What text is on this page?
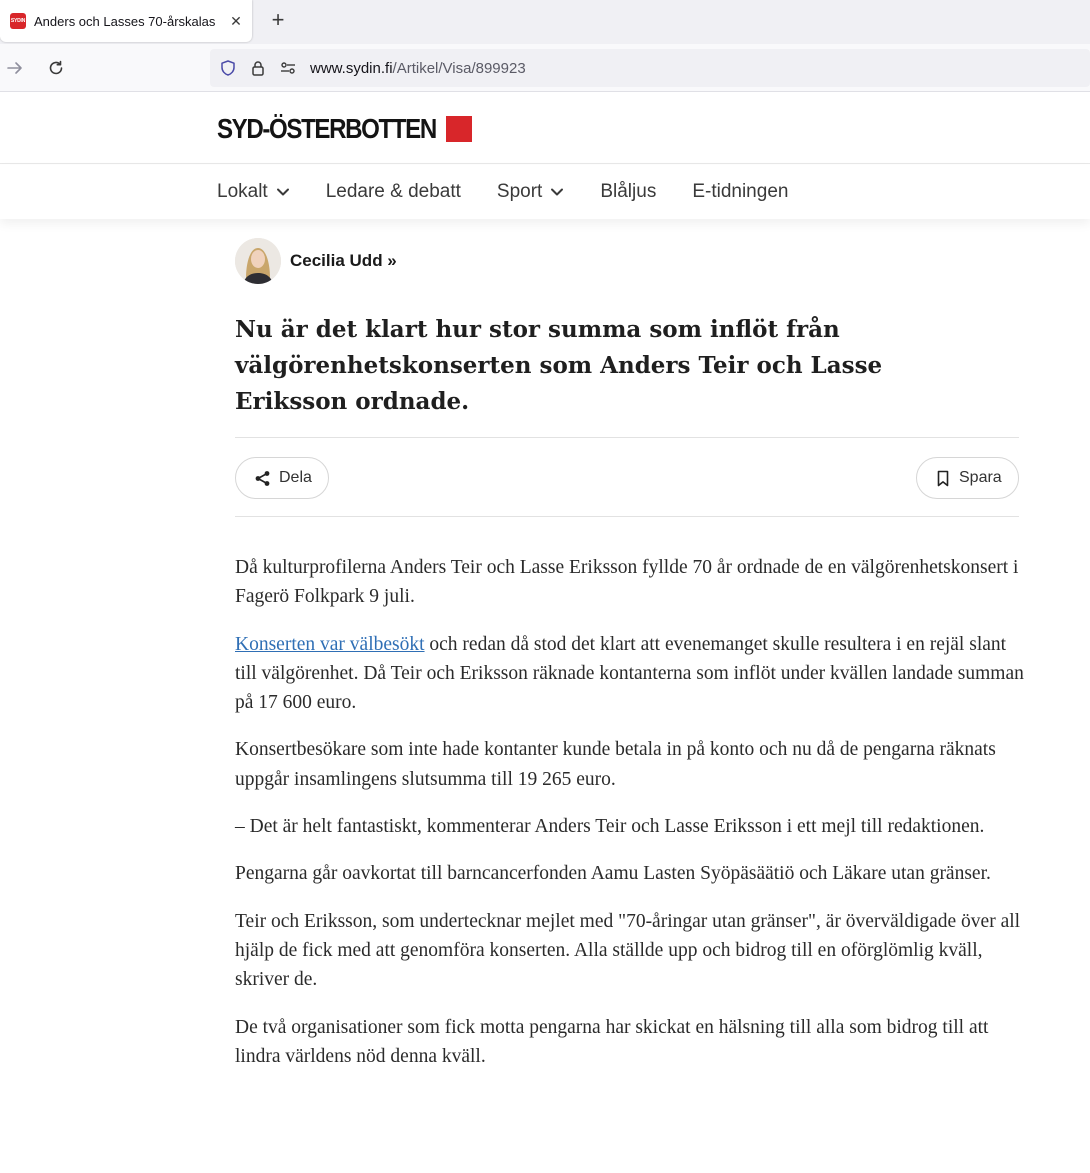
SYDIN Anders och Lasses 70-årskalas	✕ +
www.sydin.fi/Artikel/Visa/899923
SYD-ÖSTERBOTTEN
Lokalt	Ledare & debatt Sport	Blåljus E-tidningen
Cecilia Udd »
Nu är det klart hur stor summa som inflöt från välgörenhetskonserten som Anders Teir och Lasse Eriksson ordnade.
Dela	Spara

Då kulturprofilerna Anders Teir och Lasse Eriksson fyllde 70 år ordnade de en välgörenhetskonsert i Fagerö Folkpark 9 juli.

Konserten var välbesökt och redan då stod det klart att evenemanget skulle resultera i en rejäl slant till välgörenhet. Då Teir och Eriksson räknade kontanterna som inflöt under kvällen landade summan på 17 600 euro.

Konsertbesökare som inte hade kontanter kunde betala in på konto och nu då de pengarna räknats uppgår insamlingens slutsumma till 19 265 euro.

– Det är helt fantastiskt, kommenterar Anders Teir och Lasse Eriksson i ett mejl till redaktionen.

Pengarna går oavkortat till barncancerfonden Aamu Lasten Syöpäsäätiö och Läkare utan gränser.

Teir och Eriksson, som undertecknar mejlet med "70-åringar utan gränser", är överväldigade över all hjälp de fick med att genomföra konserten. Alla ställde upp och bidrog till en oförglömlig kväll, skriver de.

De två organisationer som fick motta pengarna har skickat en hälsning till alla som bidrog till att lindra världens nöd denna kväll.
